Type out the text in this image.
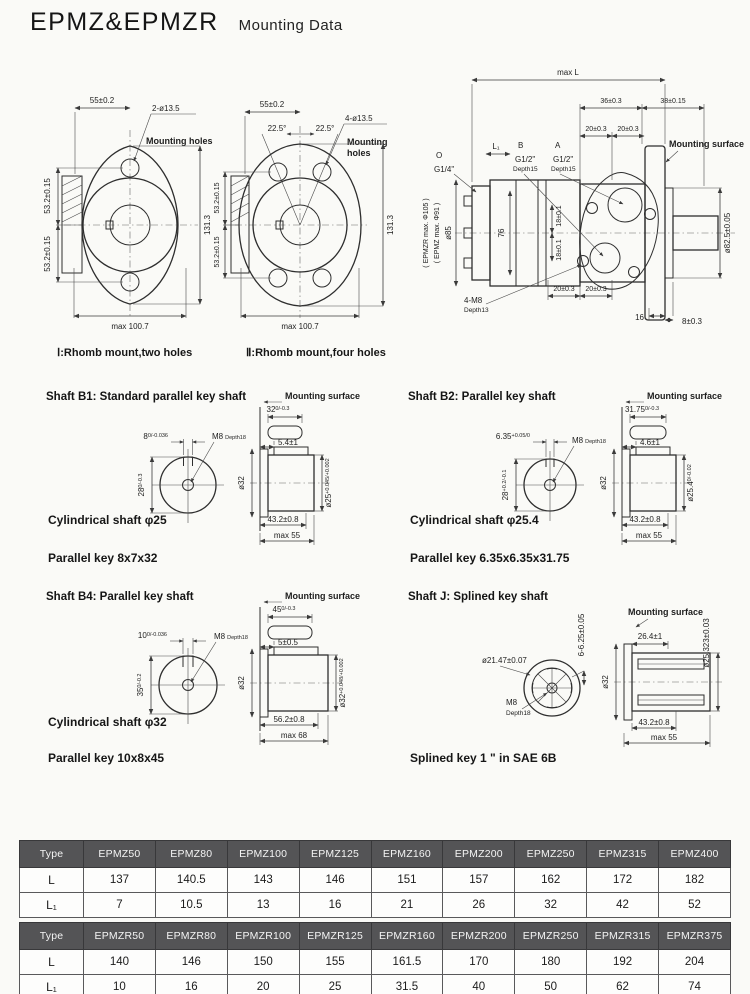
EPMZ&EPMZR Mounting Data
55±0.2
2-ø13.5
Mounting holes
53.2±0.15
53.2±0.15
131.3
max 100.7
55±0.2
22.5°	22.5°
4-ø13.5
Mounting
holes
53.2±0.15
53.2±0.15
131.3
max 100.7
max L
36±0.3	38±0.15
20±0.3 20±0.3
L₁ B	A
G1/2"
Depth15
G1/2"
Depth15
O
G1/4"
Mounting surface
( EPMZR max. Φ105 ) ( EPMZ max. Φ91 ) ø85	76
18±0.1
18±0.1	ø82.5±0.05
4-M8
Depth13
20±0.3 20±0.3
16	8±0.3
Ⅰ:Rhomb mount,two holes	Ⅱ:Rhomb mount,four holes
Mounting surface
$32^{0/-0.3}$
5.4±1
$ø25^{+0.045/+0.002}$
ø32
43.2±0.8
max 55
$8^{0/-0.036}$
$28^{0/-0.3}$
M8 Depth18
Shaft B1: Standard parallel key shaft
Cylindrical shaft φ25
Parallel key 8x7x32
Mounting surface
$31.75^{0/-0.3}$
4.6±1
$ø25.4^{0/-0.02}$
ø32
43.2±0.8
max 55
$6.35^{+0.05/0}$
$28^{+0.2/-0.1}$
M8 Depth18
Shaft B2: Parallel key shaft
Cylindrical shaft φ25.4
Parallel key 6.35x6.35x31.75
Mounting surface
$45^{0/-0.3}$
5±0.5
$ø32^{+0.048/+0.002}$
ø32
56.2±0.8
max 68
$10^{0/-0.036}$
$35^{0/-0.2}$
M8 Depth18
Shaft B4: Parallel key shaft
Cylindrical shaft φ32
Parallel key 10x8x45
Mounting surface
ø21.47±0.07
6-6.25±0.05
M8
Depth18
26.4±1	ø25.323±0.03
ø32
43.2±0.8
max 55
Shaft J: Splined key shaft
Splined key 1 " in SAE 6B
Type	EPMZ50	EPMZ80	EPMZ100	EPMZ125	EPMZ160	EPMZ200	EPMZ250	EPMZ315	EPMZ400
L	137	140.5	143	146	151	157	162	172	182
L₁	7	10.5	13	16	21	26	32	42	52
Type	EPMZR50	EPMZR80	EPMZR100	EPMZR125	EPMZR160	EPMZR200	EPMZR250	EPMZR315	EPMZR375
L	140	146	150	155	161.5	170	180	192	204
L₁	10	16	20	25	31.5	40	50	62	74
